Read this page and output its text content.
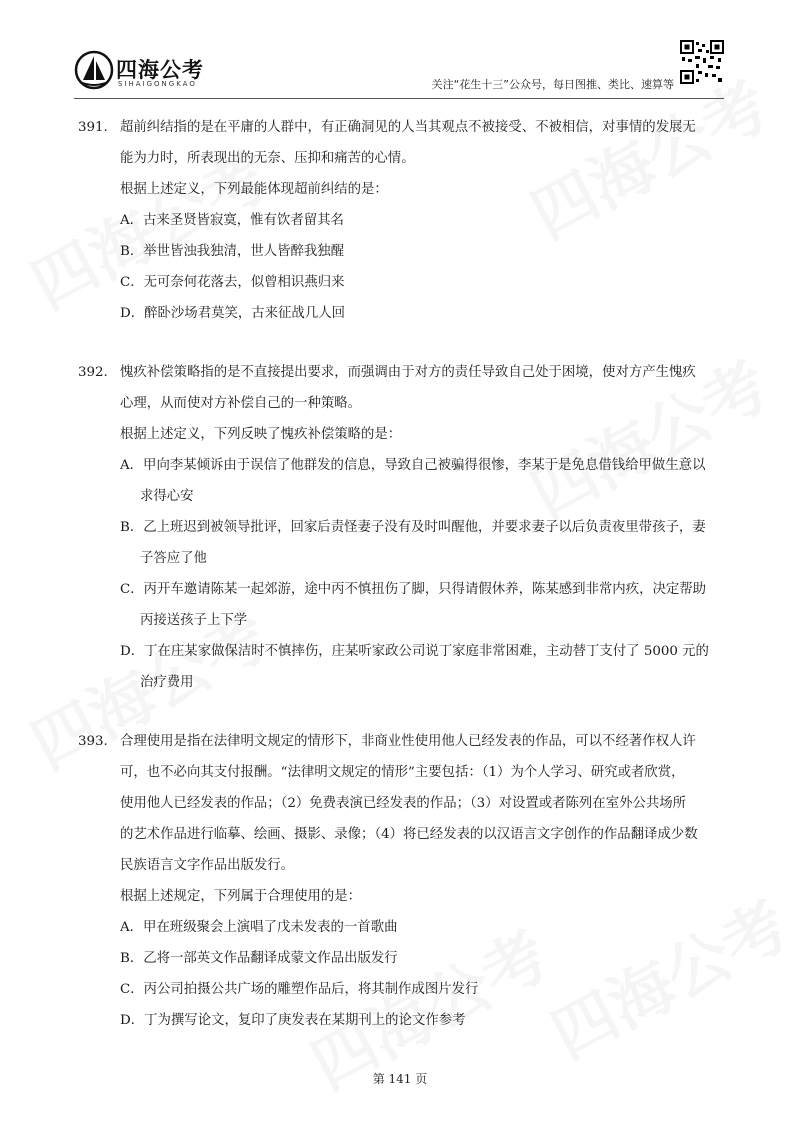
四海公考
SIHAIGONGKAO	关注“花生十三”公众号，每日图推、类比、速算等
391. 超前纠结指的是在平庸的人群中，有正确洞见的人当其观点不被接受、不被相信，对事情的发展无
能为力时，所表现出的无奈、压抑和痛苦的心情。
根据上述定义，下列最能体现超前纠结的是：
A．古来圣贤皆寂寞，惟有饮者留其名
B．举世皆浊我独清，世人皆醉我独醒
C．无可奈何花落去，似曾相识燕归来
D．醉卧沙场君莫笑，古来征战几人回
392. 愧疚补偿策略指的是不直接提出要求，而强调由于对方的责任导致自己处于困境，使对方产生愧疚
心理，从而使对方补偿自己的一种策略。
根据上述定义，下列反映了愧疚补偿策略的是：
A．甲向李某倾诉由于误信了他群发的信息，导致自己被骗得很惨，李某于是免息借钱给甲做生意以
求得心安
B．乙上班迟到被领导批评，回家后责怪妻子没有及时叫醒他，并要求妻子以后负责夜里带孩子，妻
子答应了他
C．丙开车邀请陈某一起郊游，途中丙不慎扭伤了脚，只得请假休养，陈某感到非常内疚，决定帮助
丙接送孩子上下学
D．丁在庄某家做保洁时不慎摔伤，庄某听家政公司说丁家庭非常困难，主动替丁支付了 5000 元的
治疗费用
393. 合理使用是指在法律明文规定的情形下，非商业性使用他人已经发表的作品，可以不经著作权人许
可，也不必向其支付报酬。“法律明文规定的情形”主要包括：（1）为个人学习、研究或者欣赏，
使用他人已经发表的作品；（2）免费表演已经发表的作品；（3）对设置或者陈列在室外公共场所
的艺术作品进行临摹、绘画、摄影、录像；（4）将已经发表的以汉语言文字创作的作品翻译成少数
民族语言文字作品出版发行。
根据上述规定，下列属于合理使用的是：
A．甲在班级聚会上演唱了戊未发表的一首歌曲
B．乙将一部英文作品翻译成蒙文作品出版发行
C．丙公司拍摄公共广场的雕塑作品后，将其制作成图片发行
D．丁为撰写论文，复印了庚发表在某期刊上的论文作参考
第 141 页
